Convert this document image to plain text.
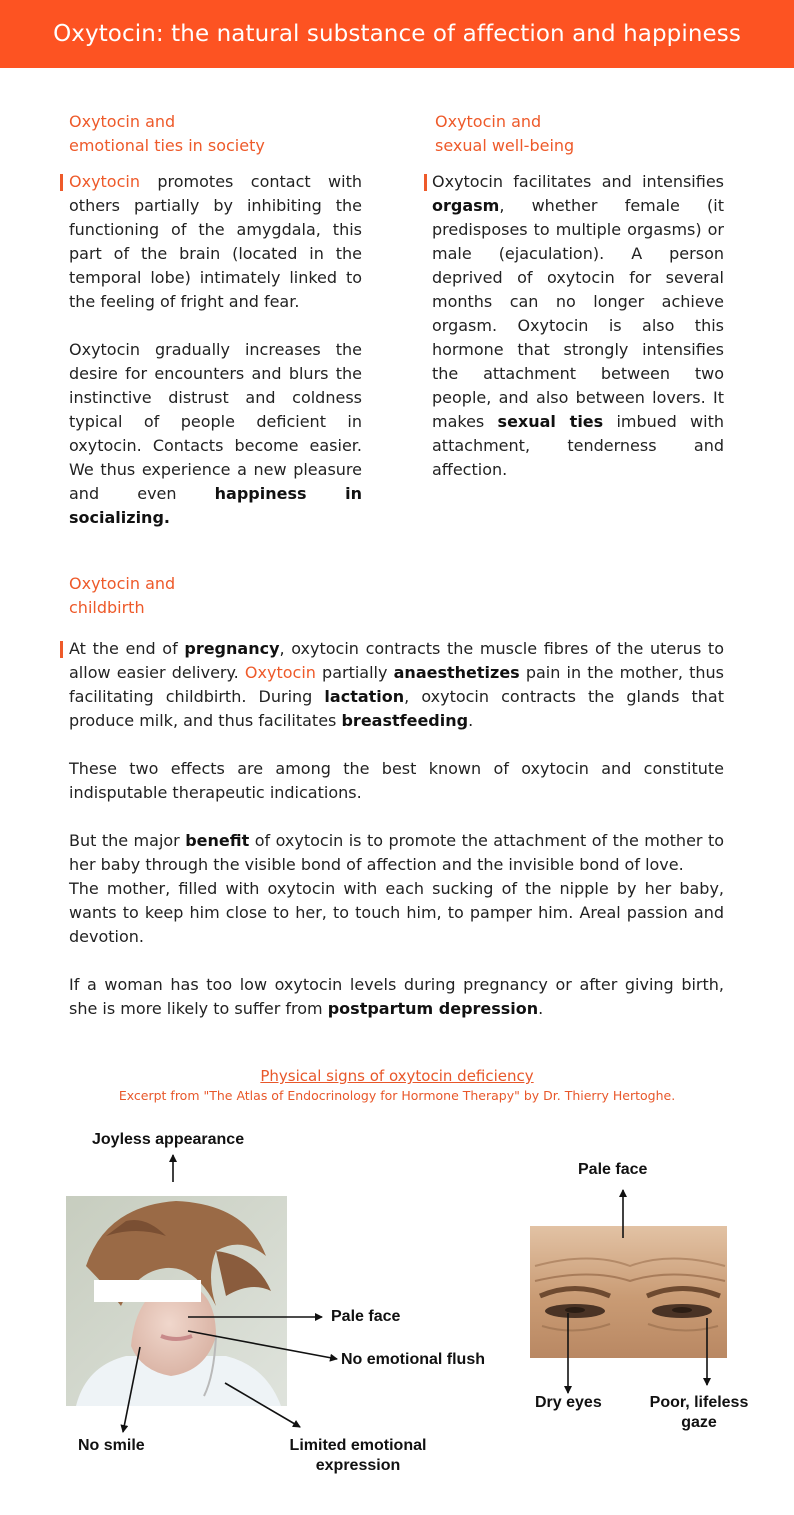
Oxytocin: the natural substance of affection and happiness
Oxytocin and
emotional ties in society

Oxytocin promotes contact with others partially by inhibiting the functioning of the amygdala, this part of the brain (located in the temporal lobe) intimately linked to the feeling of fright and fear.

Oxytocin gradually increases the desire for encounters and blurs the instinctive distrust and coldness typical of people deficient in oxytocin. Contacts become easier. We thus experience a new pleasure and even happiness in socializing.

Oxytocin and
sexual well-being

Oxytocin facilitates and intensifies orgasm, whether female (it predisposes to multiple orgasms) or male (ejaculation). A person deprived of oxytocin for several months can no longer achieve orgasm. Oxytocin is also this hormone that strongly intensifies the attachment between two people, and also between lovers. It makes sexual ties imbued with attachment, tenderness and affection.

Oxytocin and
childbirth

At the end of pregnancy, oxytocin contracts the muscle fibres of the uterus to allow easier delivery. Oxytocin partially anaesthetizes pain in the mother, thus facilitating childbirth. During lactation, oxytocin contracts the glands that produce milk, and thus facilitates breastfeeding.

These two effects are among the best known of oxytocin and constitute indisputable therapeutic indications.

But the major benefit of oxytocin is to promote the attachment of the mother to her baby through the visible bond of affection and the invisible bond of love.

The mother, filled with oxytocin with each sucking of the nipple by her baby, wants to keep him close to her, to touch him, to pamper him. Areal passion and devotion.

If a woman has too low oxytocin levels during pregnancy or after giving birth, she is more likely to suffer from postpartum depression.

Physical signs of oxytocin deficiency
Excerpt from "The Atlas of Endocrinology for Hormone Therapy" by Dr. Thierry Hertoghe.
Joyless appearance
Pale face
No emotional flush
No smile	Limited emotional
expression
Pale face
Dry eyes	Poor, lifeless
gaze
